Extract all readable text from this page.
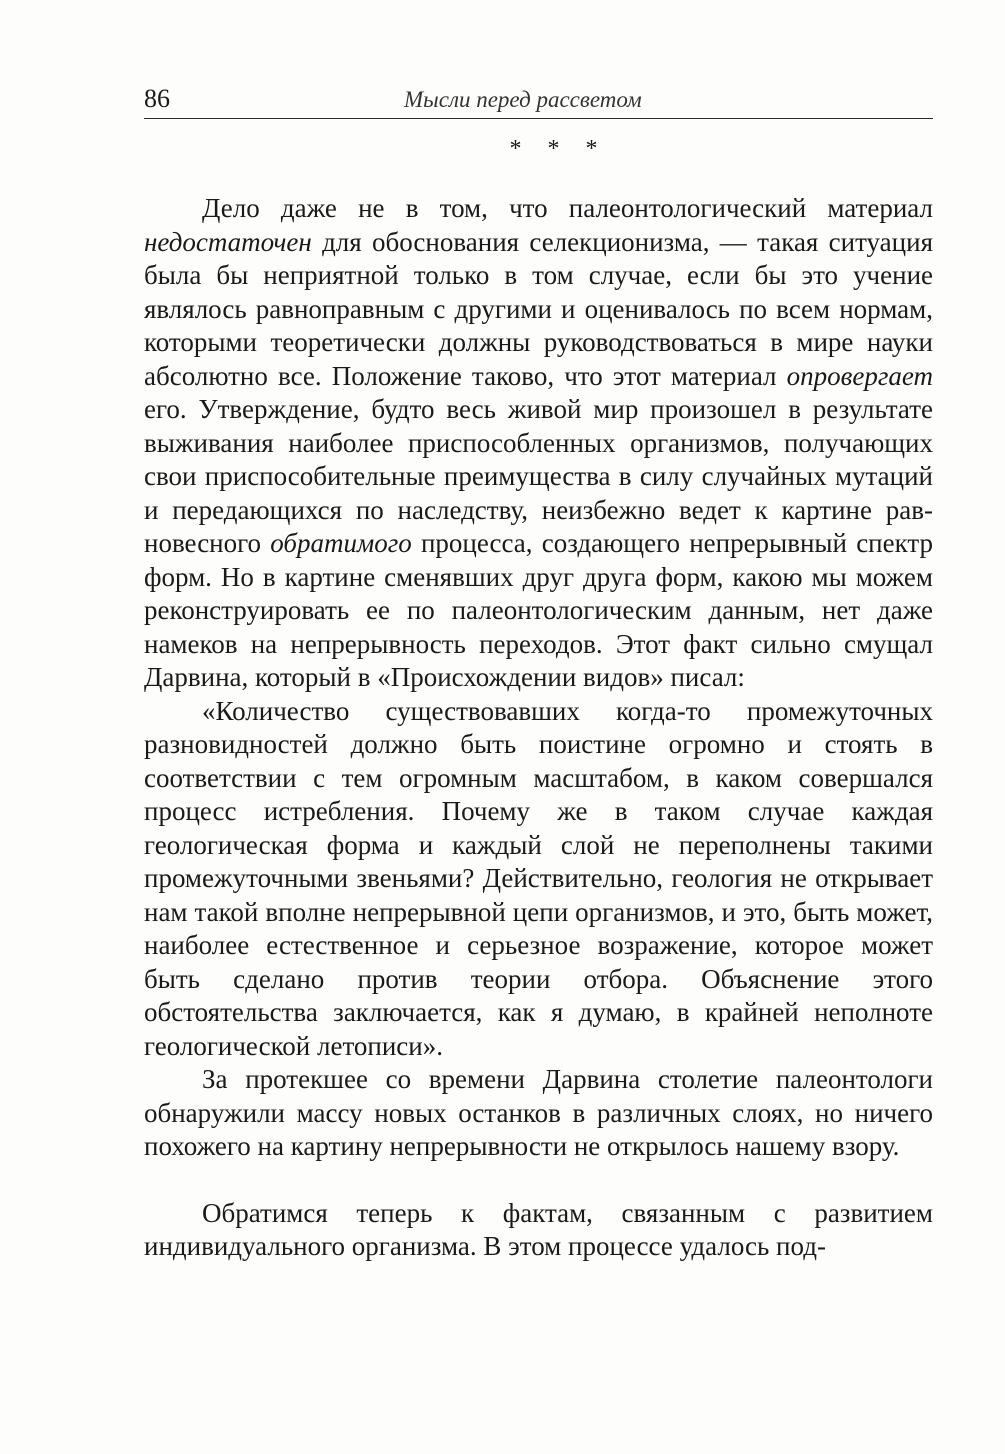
86	Мысли перед рассветом
* * *

Дело даже не в том, что палеонтологический материал недостаточен для обоснования селекционизма, — такая ситуация была бы неприятной только в том случае, если бы это учение являлось равноправным с другими и оценивалось по всем нормам, которыми теоретически должны руководствоваться в мире науки абсолютно все. Положение таково, что этот материал опровергает его. Утверждение, будто весь живой мир произошел в результате выживания наиболее приспособленных организмов, получающих свои приспособительные преимущества в силу случайных мутаций и передающихся по наследству, неизбежно ведет к картине равновесного обратимого процесса, создающего непрерывный спектр форм. Но в картине сменявших друг друга форм, какою мы можем реконструировать ее по палеонтологическим данным, нет даже намеков на непрерывность переходов. Этот факт сильно смущал Дарвина, который в «Происхождении видов» писал:

«Количество существовавших когда-то промежуточных разновидностей должно быть поистине огромно и стоять в соответствии с тем огромным масштабом, в каком совершался процесс истребления. Почему же в таком случае каждая геологическая форма и каждый слой не переполнены такими промежуточными звеньями? Действительно, геология не открывает нам такой вполне непрерывной цепи организмов, и это, быть может, наиболее естественное и серьезное возражение, которое может быть сделано против теории отбора. Объяснение этого обстоятельства заключается, как я думаю, в крайней неполноте геологической летописи».

За протекшее со времени Дарвина столетие палеонтологи обнаружили массу новых останков в различных слоях, но ничего похожего на картину непрерывности не открылось нашему взору.

Обратимся теперь к фактам, связанным с развитием индивидуального организма. В этом процессе удалось под-
